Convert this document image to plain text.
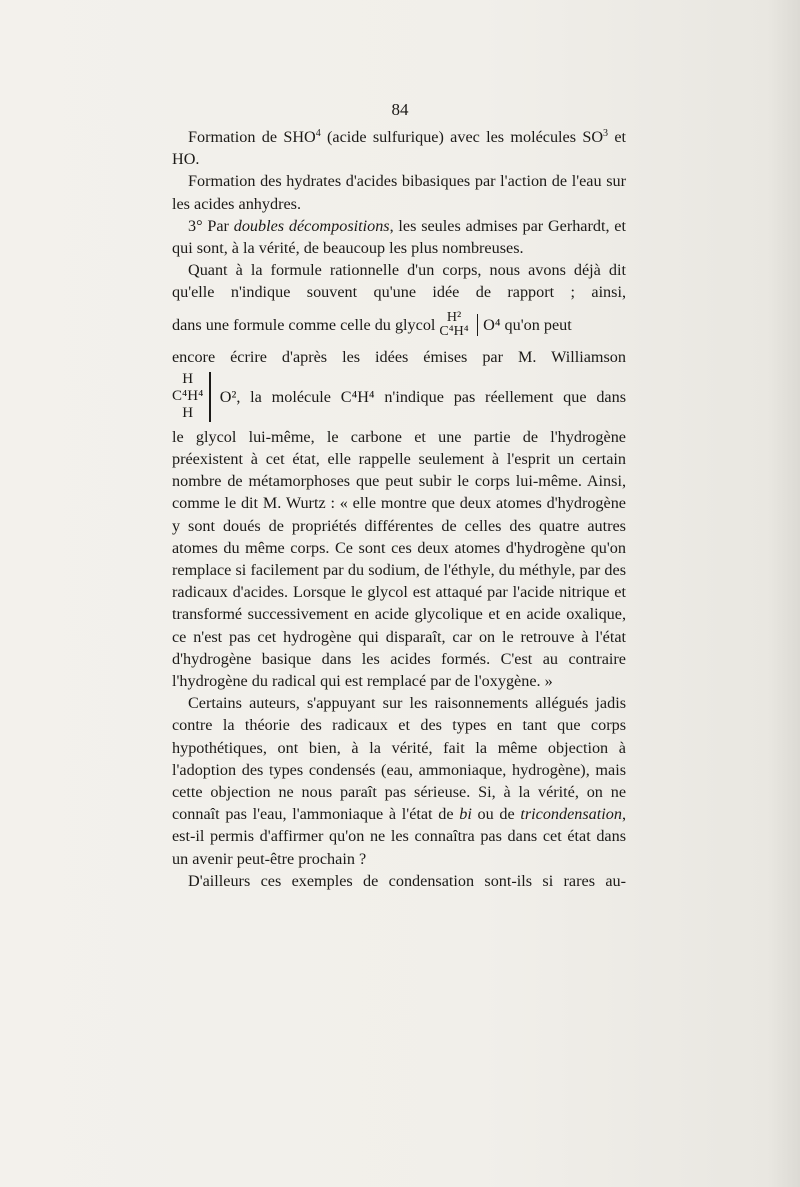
84

Formation de SHO$^4$ (acide sulfurique) avec les molécules $SO^3$ et HO.

Formation des hydrates d'acides bibasiques par l'action de l'eau sur les acides anhydres.

3° Par doubles décompositions, les seules admises par Gerhardt, et qui sont, à la vérité, de beaucoup les plus nombreuses.

Quant à la formule rationnelle d'un corps, nous avons déjà dit qu'elle n'indique souvent qu'une idée de rapport ; ainsi,

dans une formule comme celle du glycol H²
C⁴H⁴ O⁴ qu'on peut

encore écrire d'après les idées émises par M. Williamson

H
C⁴H⁴
H
O², la molécule C⁴H⁴ n'indique pas réellement que dans

le glycol lui-même, le carbone et une partie de l'hydrogène préexistent à cet état, elle rappelle seulement à l'esprit un certain nombre de métamorphoses que peut subir le corps lui-même. Ainsi, comme le dit M. Wurtz : « elle montre que deux atomes d'hydrogène y sont doués de propriétés différentes de celles des quatre autres atomes du même corps. Ce sont ces deux atomes d'hydrogène qu'on remplace si facilement par du sodium, de l'éthyle, du méthyle, par des radicaux d'acides. Lorsque le glycol est attaqué par l'acide nitrique et transformé successivement en acide glycolique et en acide oxalique, ce n'est pas cet hydrogène qui disparaît, car on le retrouve à l'état d'hydrogène basique dans les acides formés. C'est au contraire l'hydrogène du radical qui est remplacé par de l'oxygène. »

Certains auteurs, s'appuyant sur les raisonnements allégués jadis contre la théorie des radicaux et des types en tant que corps hypothétiques, ont bien, à la vérité, fait la même objection à l'adoption des types condensés (eau, ammoniaque, hydrogène), mais cette objection ne nous paraît pas sérieuse. Si, à la vérité, on ne connaît pas l'eau, l'ammoniaque à l'état de bi ou de tricondensation, est-il permis d'affirmer qu'on ne les connaîtra pas dans cet état dans un avenir peut-être prochain ?

D'ailleurs ces exemples de condensation sont-ils si rares au-
